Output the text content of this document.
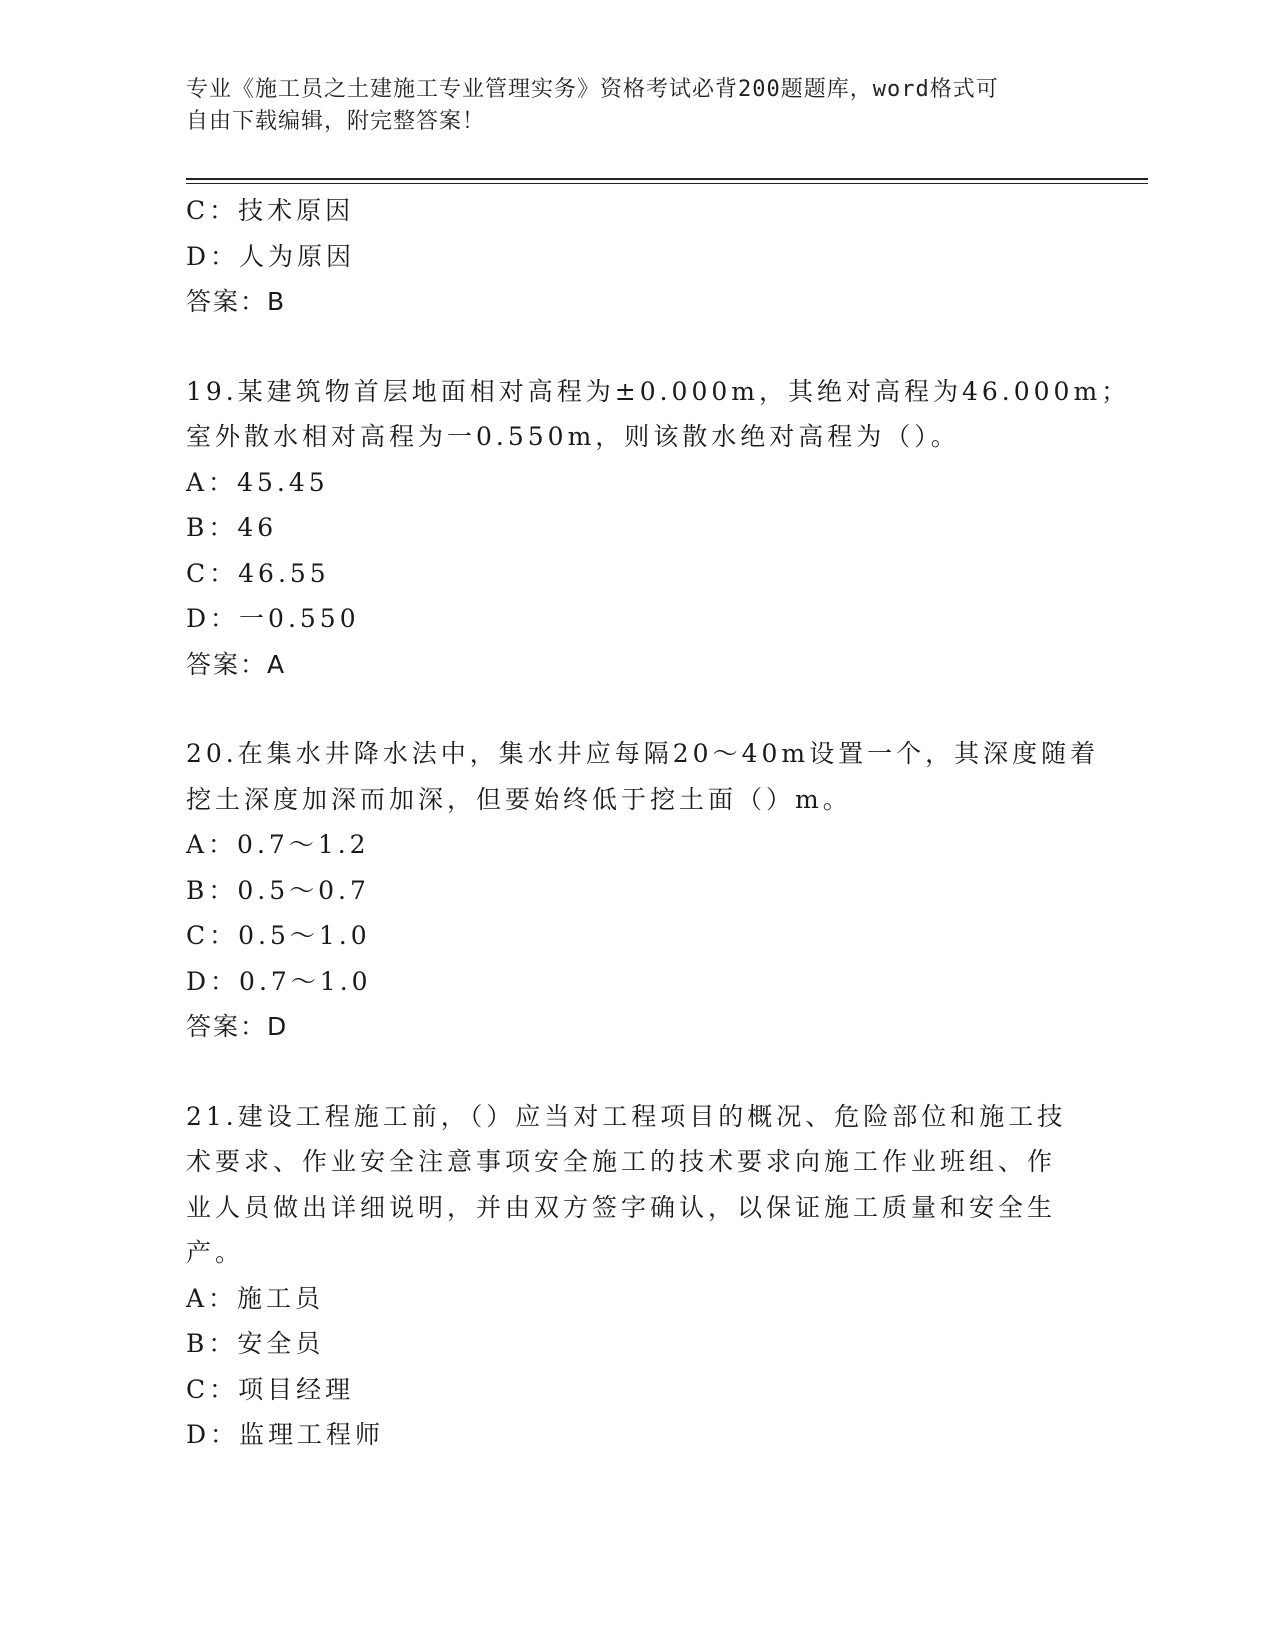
专业《施工员之土建施工专业管理实务》资格考试必背200题题库，word格式可
自由下载编辑，附完整答案！
C：技术原因
D：人为原因
答案：B
19.某建筑物首层地面相对高程为±0.000m，其绝对高程为46.000m；
室外散水相对高程为一0.550m，则该散水绝对高程为（）。
A：45.45
B：46
C：46.55
D：一0.550
答案：A
20.在集水井降水法中，集水井应每隔20～40m设置一个，其深度随着
挖土深度加深而加深，但要始终低于挖土面（）m。
A：0.7～1.2
B：0.5～0.7
C：0.5～1.0
D：0.7～1.0
答案：D
21.建设工程施工前，（）应当对工程项目的概况、危险部位和施工技
术要求、作业安全注意事项安全施工的技术要求向施工作业班组、作
业人员做出详细说明，并由双方签字确认，以保证施工质量和安全生
产。
A：施工员
B：安全员
C：项目经理
D：监理工程师
